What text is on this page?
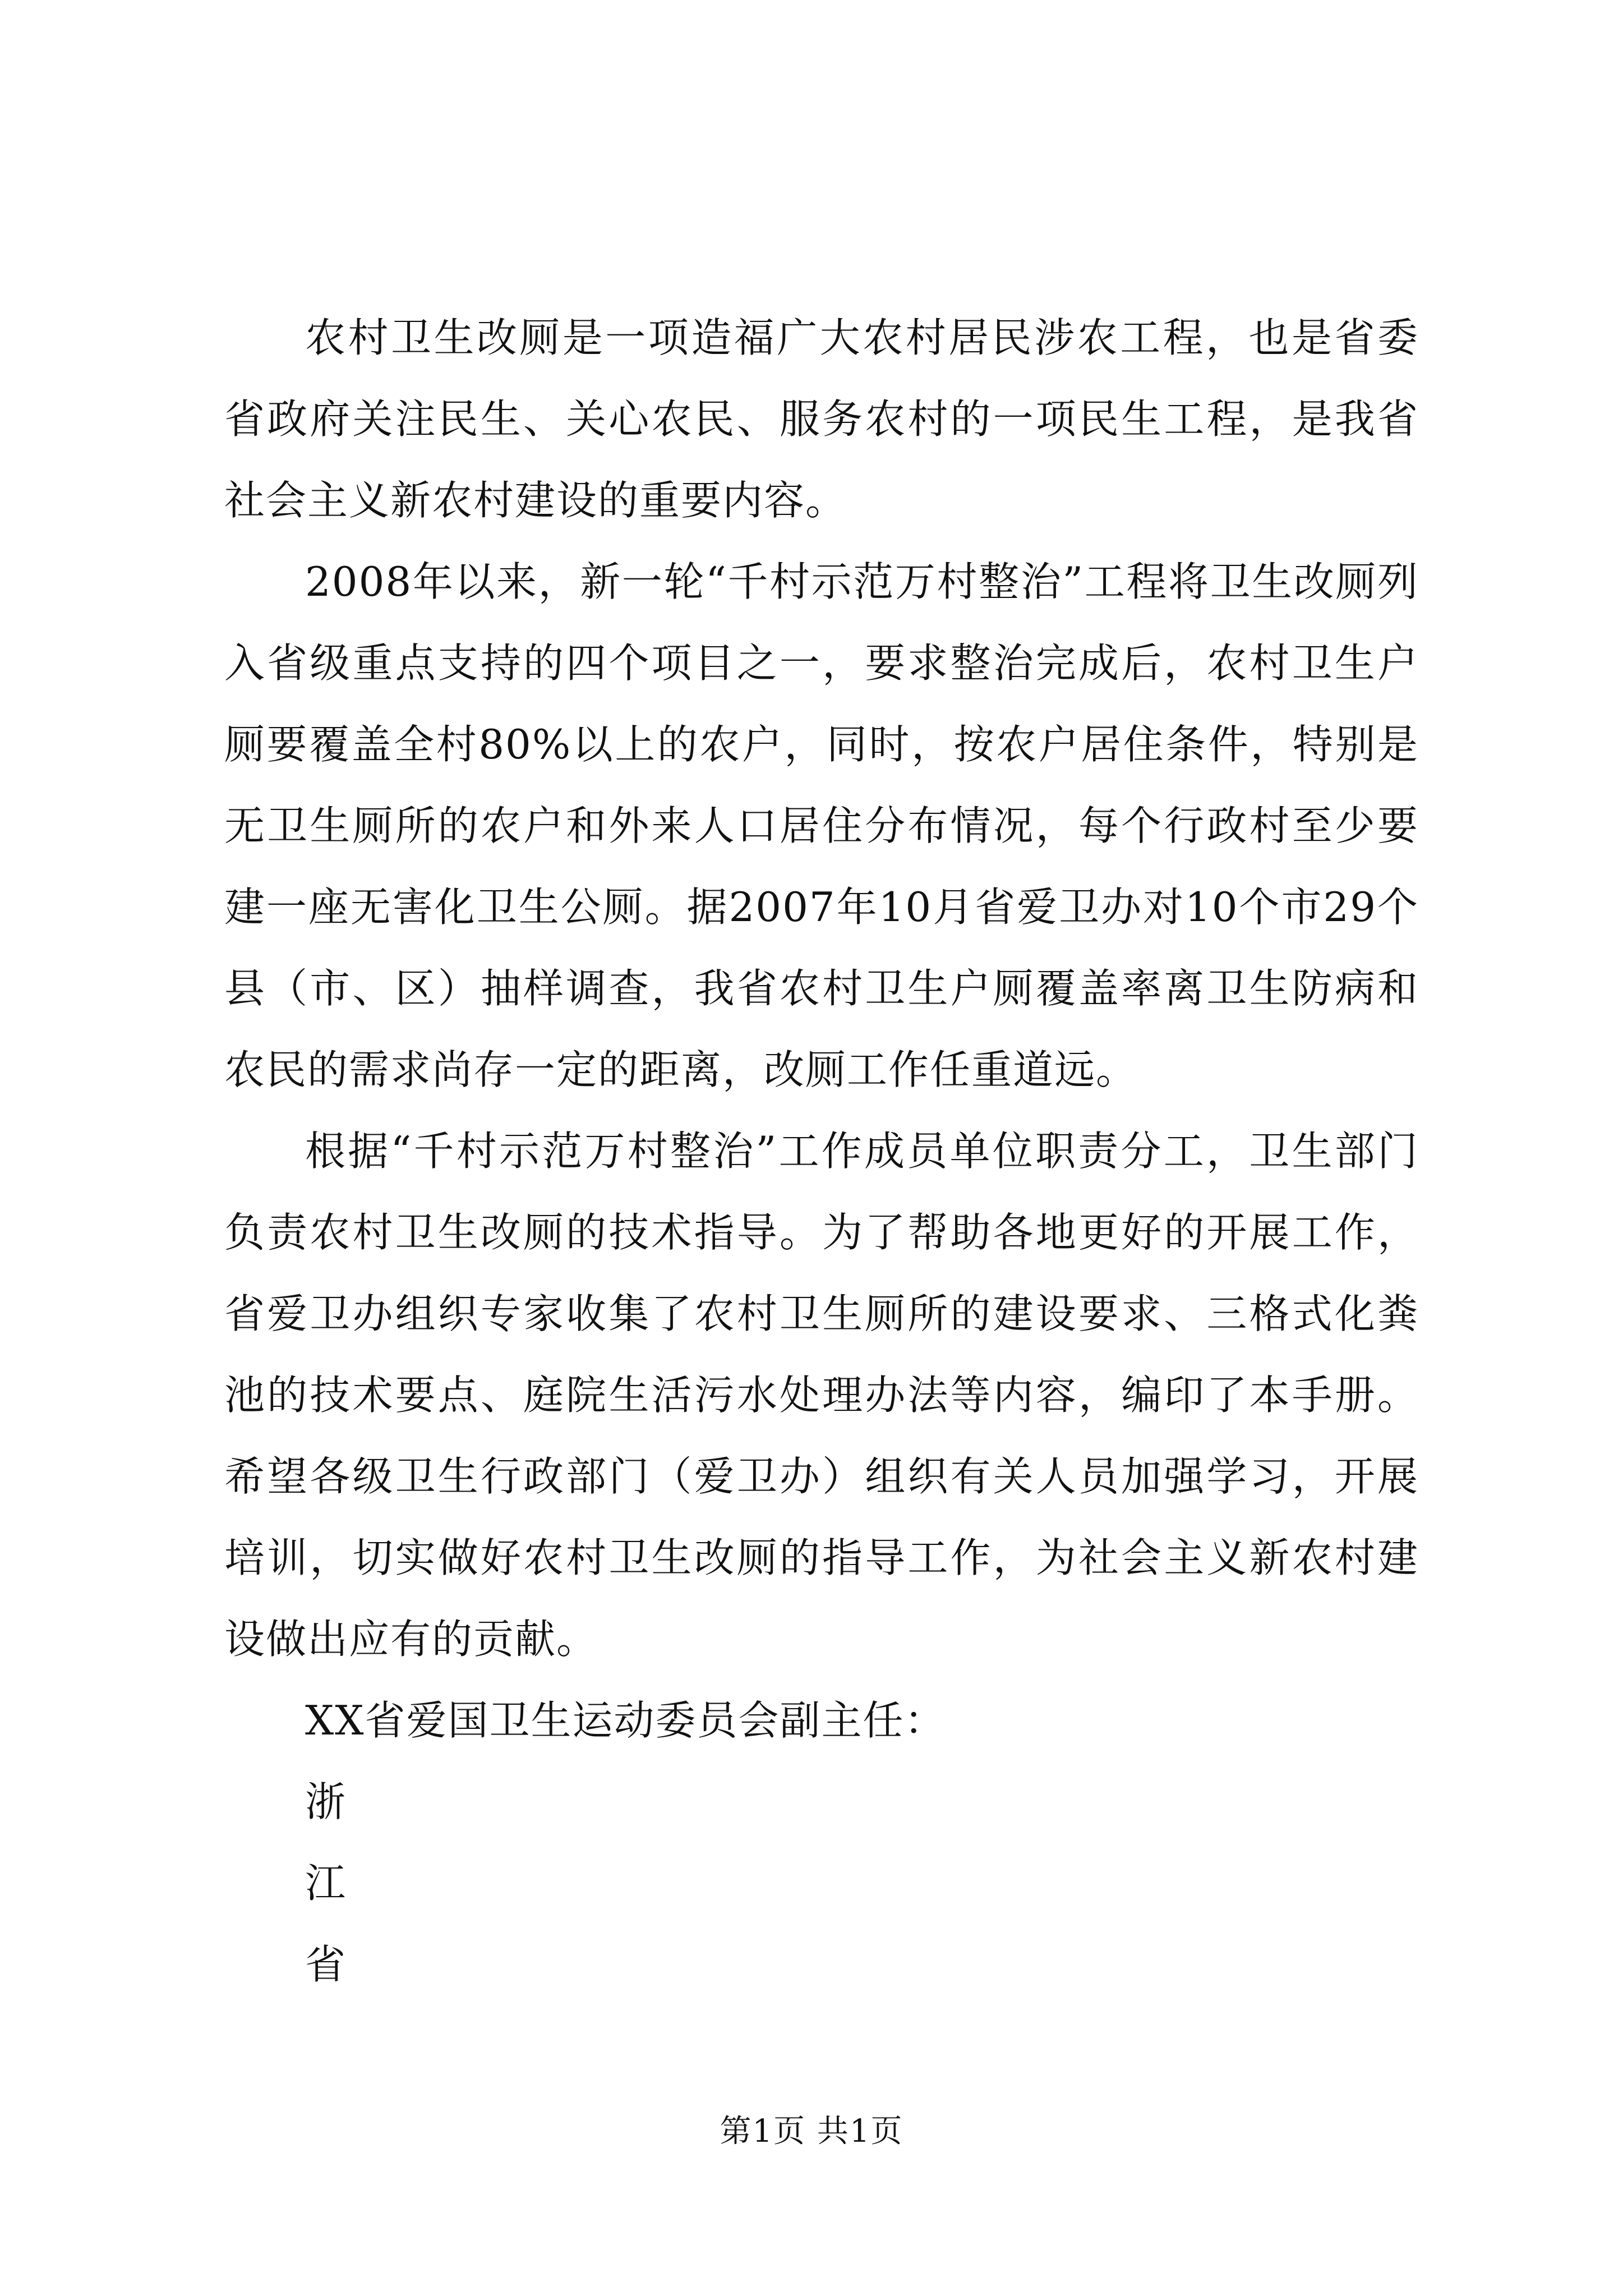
农村卫生改厕是一项造福广大农村居民涉农工程，也是省委省政府关注民生、关心农民、服务农村的一项民生工程，是我省社会主义新农村建设的重要内容。

2008年以来，新一轮“千村示范万村整治”工程将卫生改厕列入省级重点支持的四个项目之一，要求整治完成后，农村卫生户厕要覆盖全村80%以上的农户，同时，按农户居住条件，特别是无卫生厕所的农户和外来人口居住分布情况，每个行政村至少要建一座无害化卫生公厕。据2007年10月省爱卫办对10个市29个县（市、区）抽样调查，我省农村卫生户厕覆盖率离卫生防病和农民的需求尚存一定的距离，改厕工作任重道远。

根据“千村示范万村整治”工作成员单位职责分工，卫生部门负责农村卫生改厕的技术指导。为了帮助各地更好的开展工作，省爱卫办组织专家收集了农村卫生厕所的建设要求、三格式化粪池的技术要点、庭院生活污水处理办法等内容，编印了本手册。希望各级卫生行政部门（爱卫办）组织有关人员加强学习，开展培训，切实做好农村卫生改厕的指导工作，为社会主义新农村建设做出应有的贡献。

XX省爱国卫生运动委员会副主任：

浙

江

省

第1页 共1页
